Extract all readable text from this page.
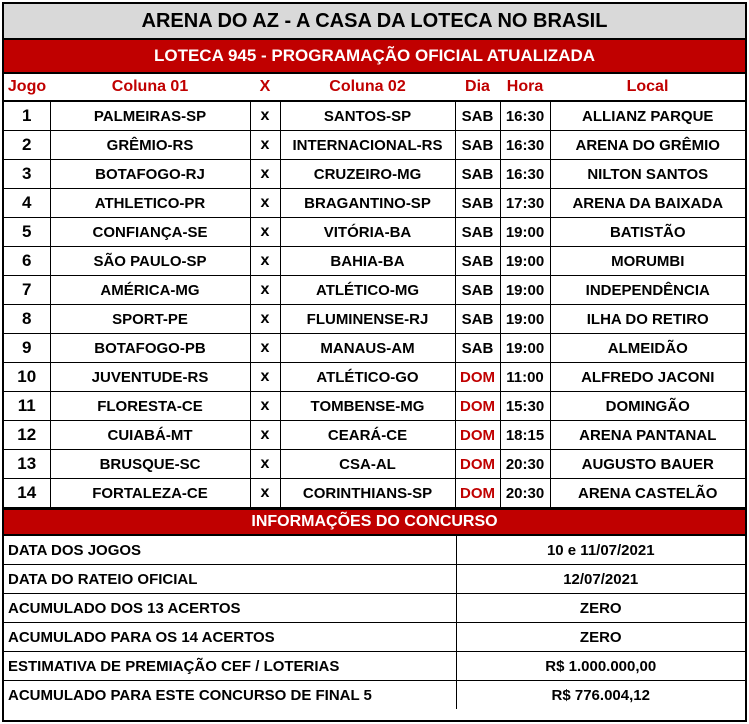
ARENA DO AZ - A CASA DA LOTECA NO BRASIL
LOTECA 945 - PROGRAMAÇÃO OFICIAL ATUALIZADA
Jogo	Coluna 01	X	Coluna 02	Dia	Hora	Local
1	PALMEIRAS-SP	x	SANTOS-SP	SAB	16:30	ALLIANZ PARQUE
2	GRÊMIO-RS	x	INTERNACIONAL-RS	SAB	16:30	ARENA DO GRÊMIO
3	BOTAFOGO-RJ	x	CRUZEIRO-MG	SAB	16:30	NILTON SANTOS
4	ATHLETICO-PR	x	BRAGANTINO-SP	SAB	17:30	ARENA DA BAIXADA
5	CONFIANÇA-SE	x	VITÓRIA-BA	SAB	19:00	BATISTÃO
6	SÃO PAULO-SP	x	BAHIA-BA	SAB	19:00	MORUMBI
7	AMÉRICA-MG	x	ATLÉTICO-MG	SAB	19:00	INDEPENDÊNCIA
8	SPORT-PE	x	FLUMINENSE-RJ	SAB	19:00	ILHA DO RETIRO
9	BOTAFOGO-PB	x	MANAUS-AM	SAB	19:00	ALMEIDÃO
10	JUVENTUDE-RS	x	ATLÉTICO-GO	DOM	11:00	ALFREDO JACONI
11	FLORESTA-CE	x	TOMBENSE-MG	DOM	15:30	DOMINGÃO
12	CUIABÁ-MT	x	CEARÁ-CE	DOM	18:15	ARENA PANTANAL
13	BRUSQUE-SC	x	CSA-AL	DOM	20:30	AUGUSTO BAUER
14	FORTALEZA-CE	x	CORINTHIANS-SP	DOM	20:30	ARENA CASTELÃO
INFORMAÇÕES DO CONCURSO
DATA DOS JOGOS	10 e 11/07/2021
DATA DO RATEIO OFICIAL	12/07/2021
ACUMULADO DOS 13 ACERTOS	ZERO
ACUMULADO PARA OS 14 ACERTOS	ZERO
ESTIMATIVA DE PREMIAÇÃO CEF / LOTERIAS	R$ 1.000.000,00
ACUMULADO PARA ESTE CONCURSO DE FINAL 5	R$ 776.004,12
